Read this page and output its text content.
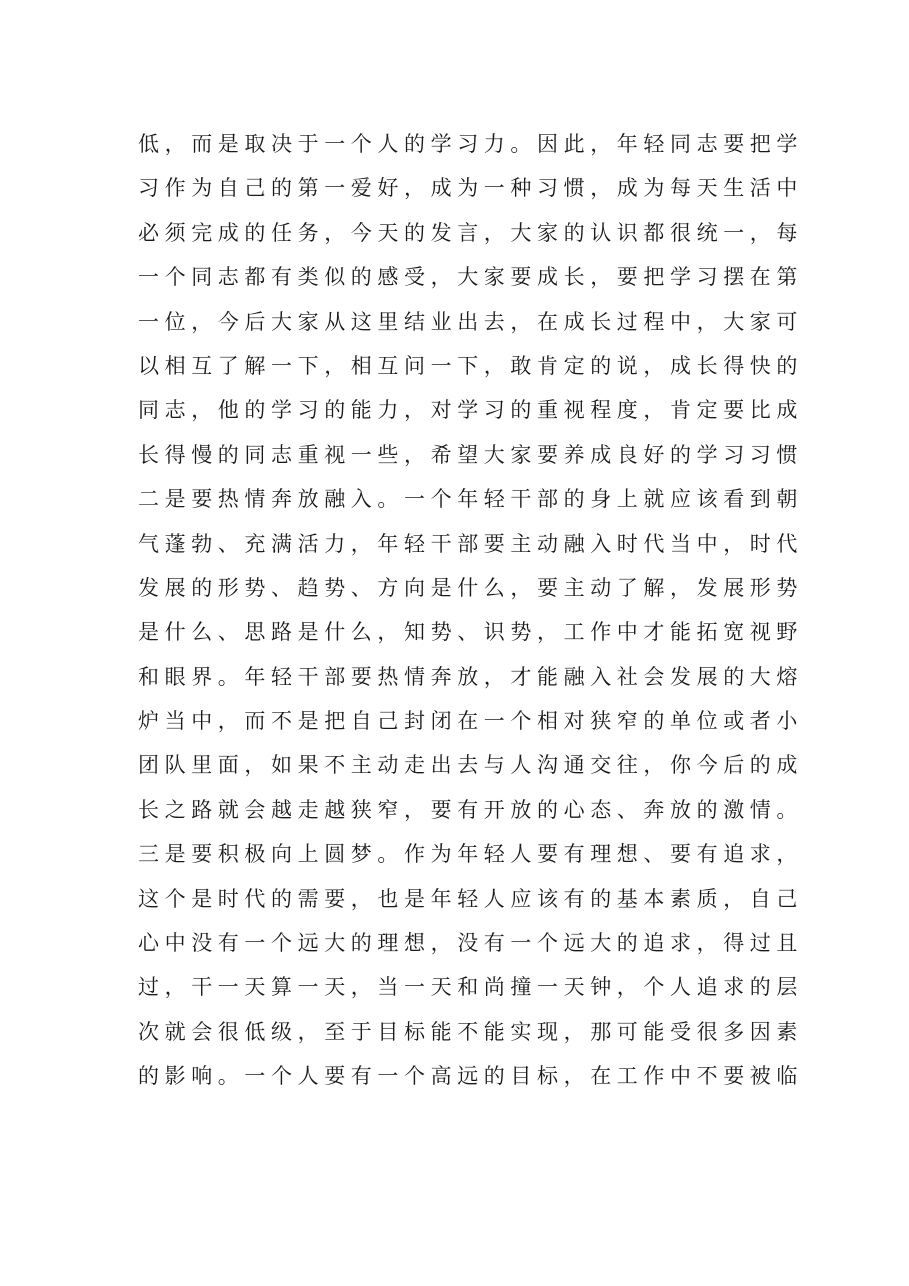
低，而是取决于一个人的学习力。因此，年轻同志要把学
习作为自己的第一爱好，成为一种习惯，成为每天生活中
必须完成的任务，今天的发言，大家的认识都很统一，每
一个同志都有类似的感受，大家要成长，要把学习摆在第
一位，今后大家从这里结业出去，在成长过程中，大家可
以相互了解一下，相互问一下，敢肯定的说，成长得快的
同志，他的学习的能力，对学习的重视程度，肯定要比成
长得慢的同志重视一些，希望大家要养成良好的学习习惯
二是要热情奔放融入。一个年轻干部的身上就应该看到朝
气蓬勃、充满活力，年轻干部要主动融入时代当中，时代
发展的形势、趋势、方向是什么，要主动了解，发展形势
是什么、思路是什么，知势、识势，工作中才能拓宽视野
和眼界。年轻干部要热情奔放，才能融入社会发展的大熔
炉当中，而不是把自己封闭在一个相对狭窄的单位或者小
团队里面，如果不主动走出去与人沟通交往，你今后的成
长之路就会越走越狭窄，要有开放的心态、奔放的激情。
三是要积极向上圆梦。作为年轻人要有理想、要有追求，
这个是时代的需要，也是年轻人应该有的基本素质，自己
心中没有一个远大的理想，没有一个远大的追求，得过且
过，干一天算一天，当一天和尚撞一天钟，个人追求的层
次就会很低级，至于目标能不能实现，那可能受很多因素
的影响。一个人要有一个高远的目标，在工作中不要被临
